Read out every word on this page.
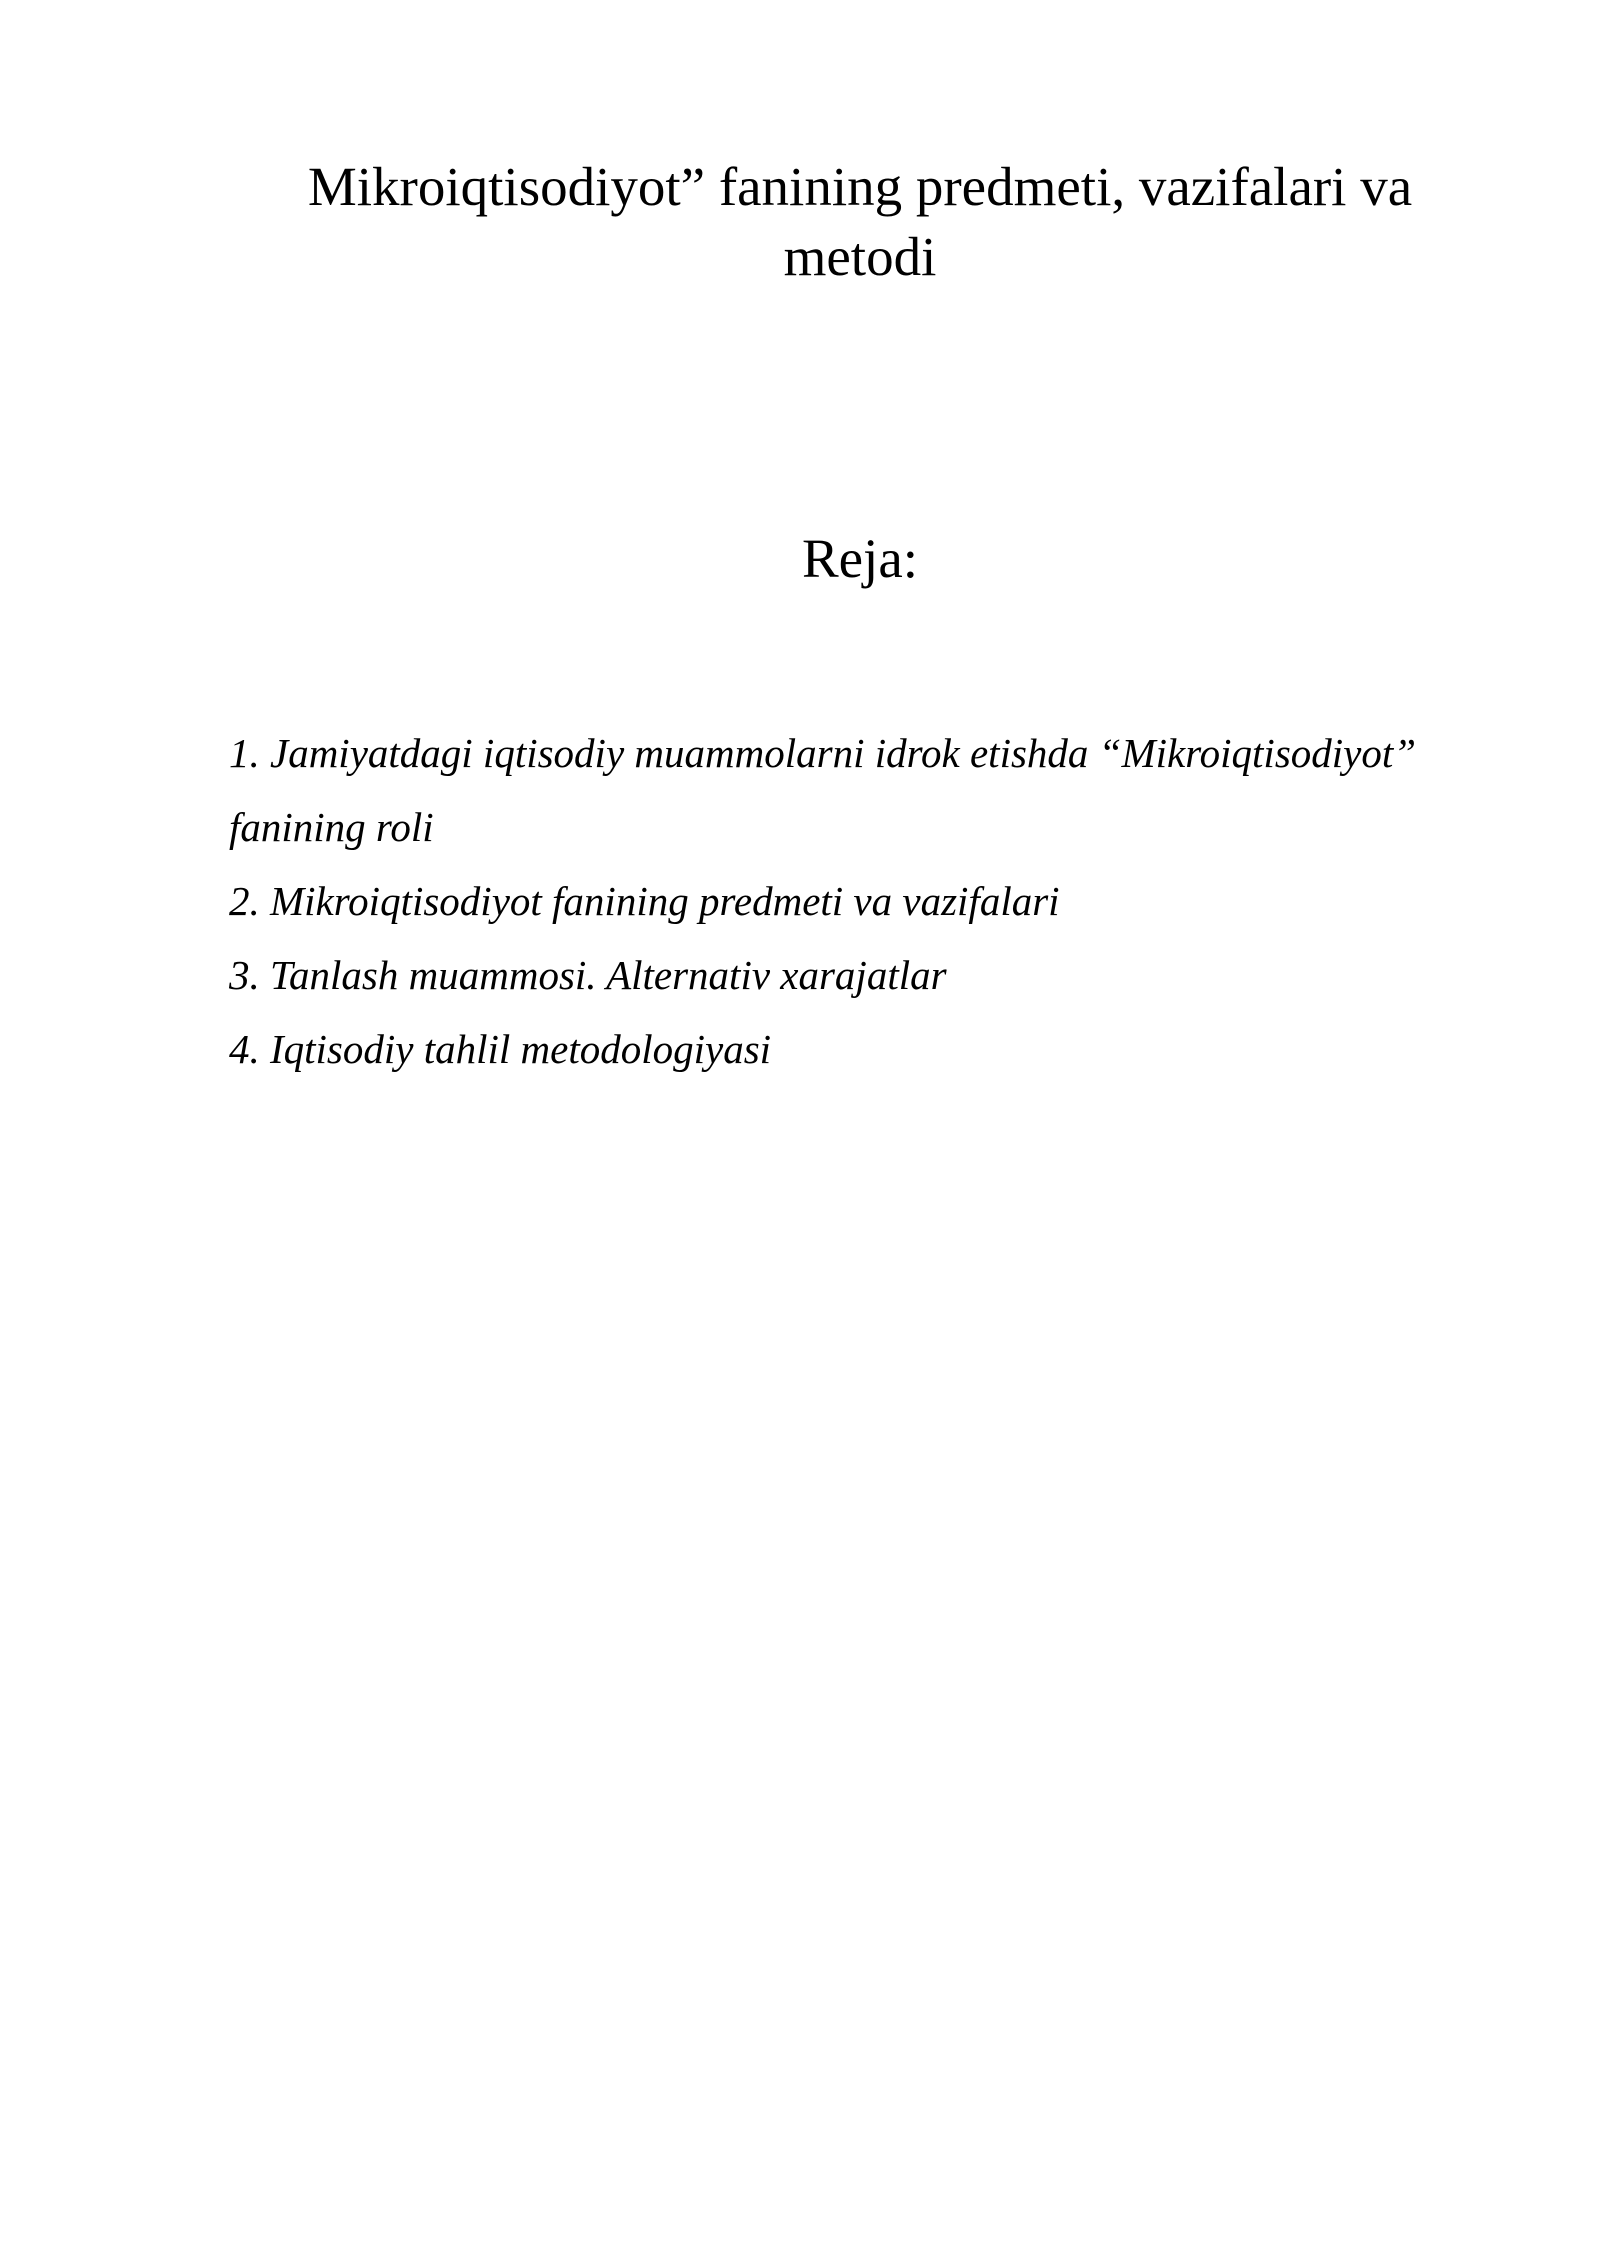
Mikroiqtisodiyot” fanining predmeti, vazifalari va
metodi
Reja:
1. Jamiyatdagi iqtisodiy muammolarni idrok etishda “Mikroiqtisodiyot”
fanining roli
2. Mikroiqtisodiyot fanining predmeti va vazifalari
3. Tanlash muammosi. Alternativ xarajatlar
4. Iqtisodiy tahlil metodologiyasi
